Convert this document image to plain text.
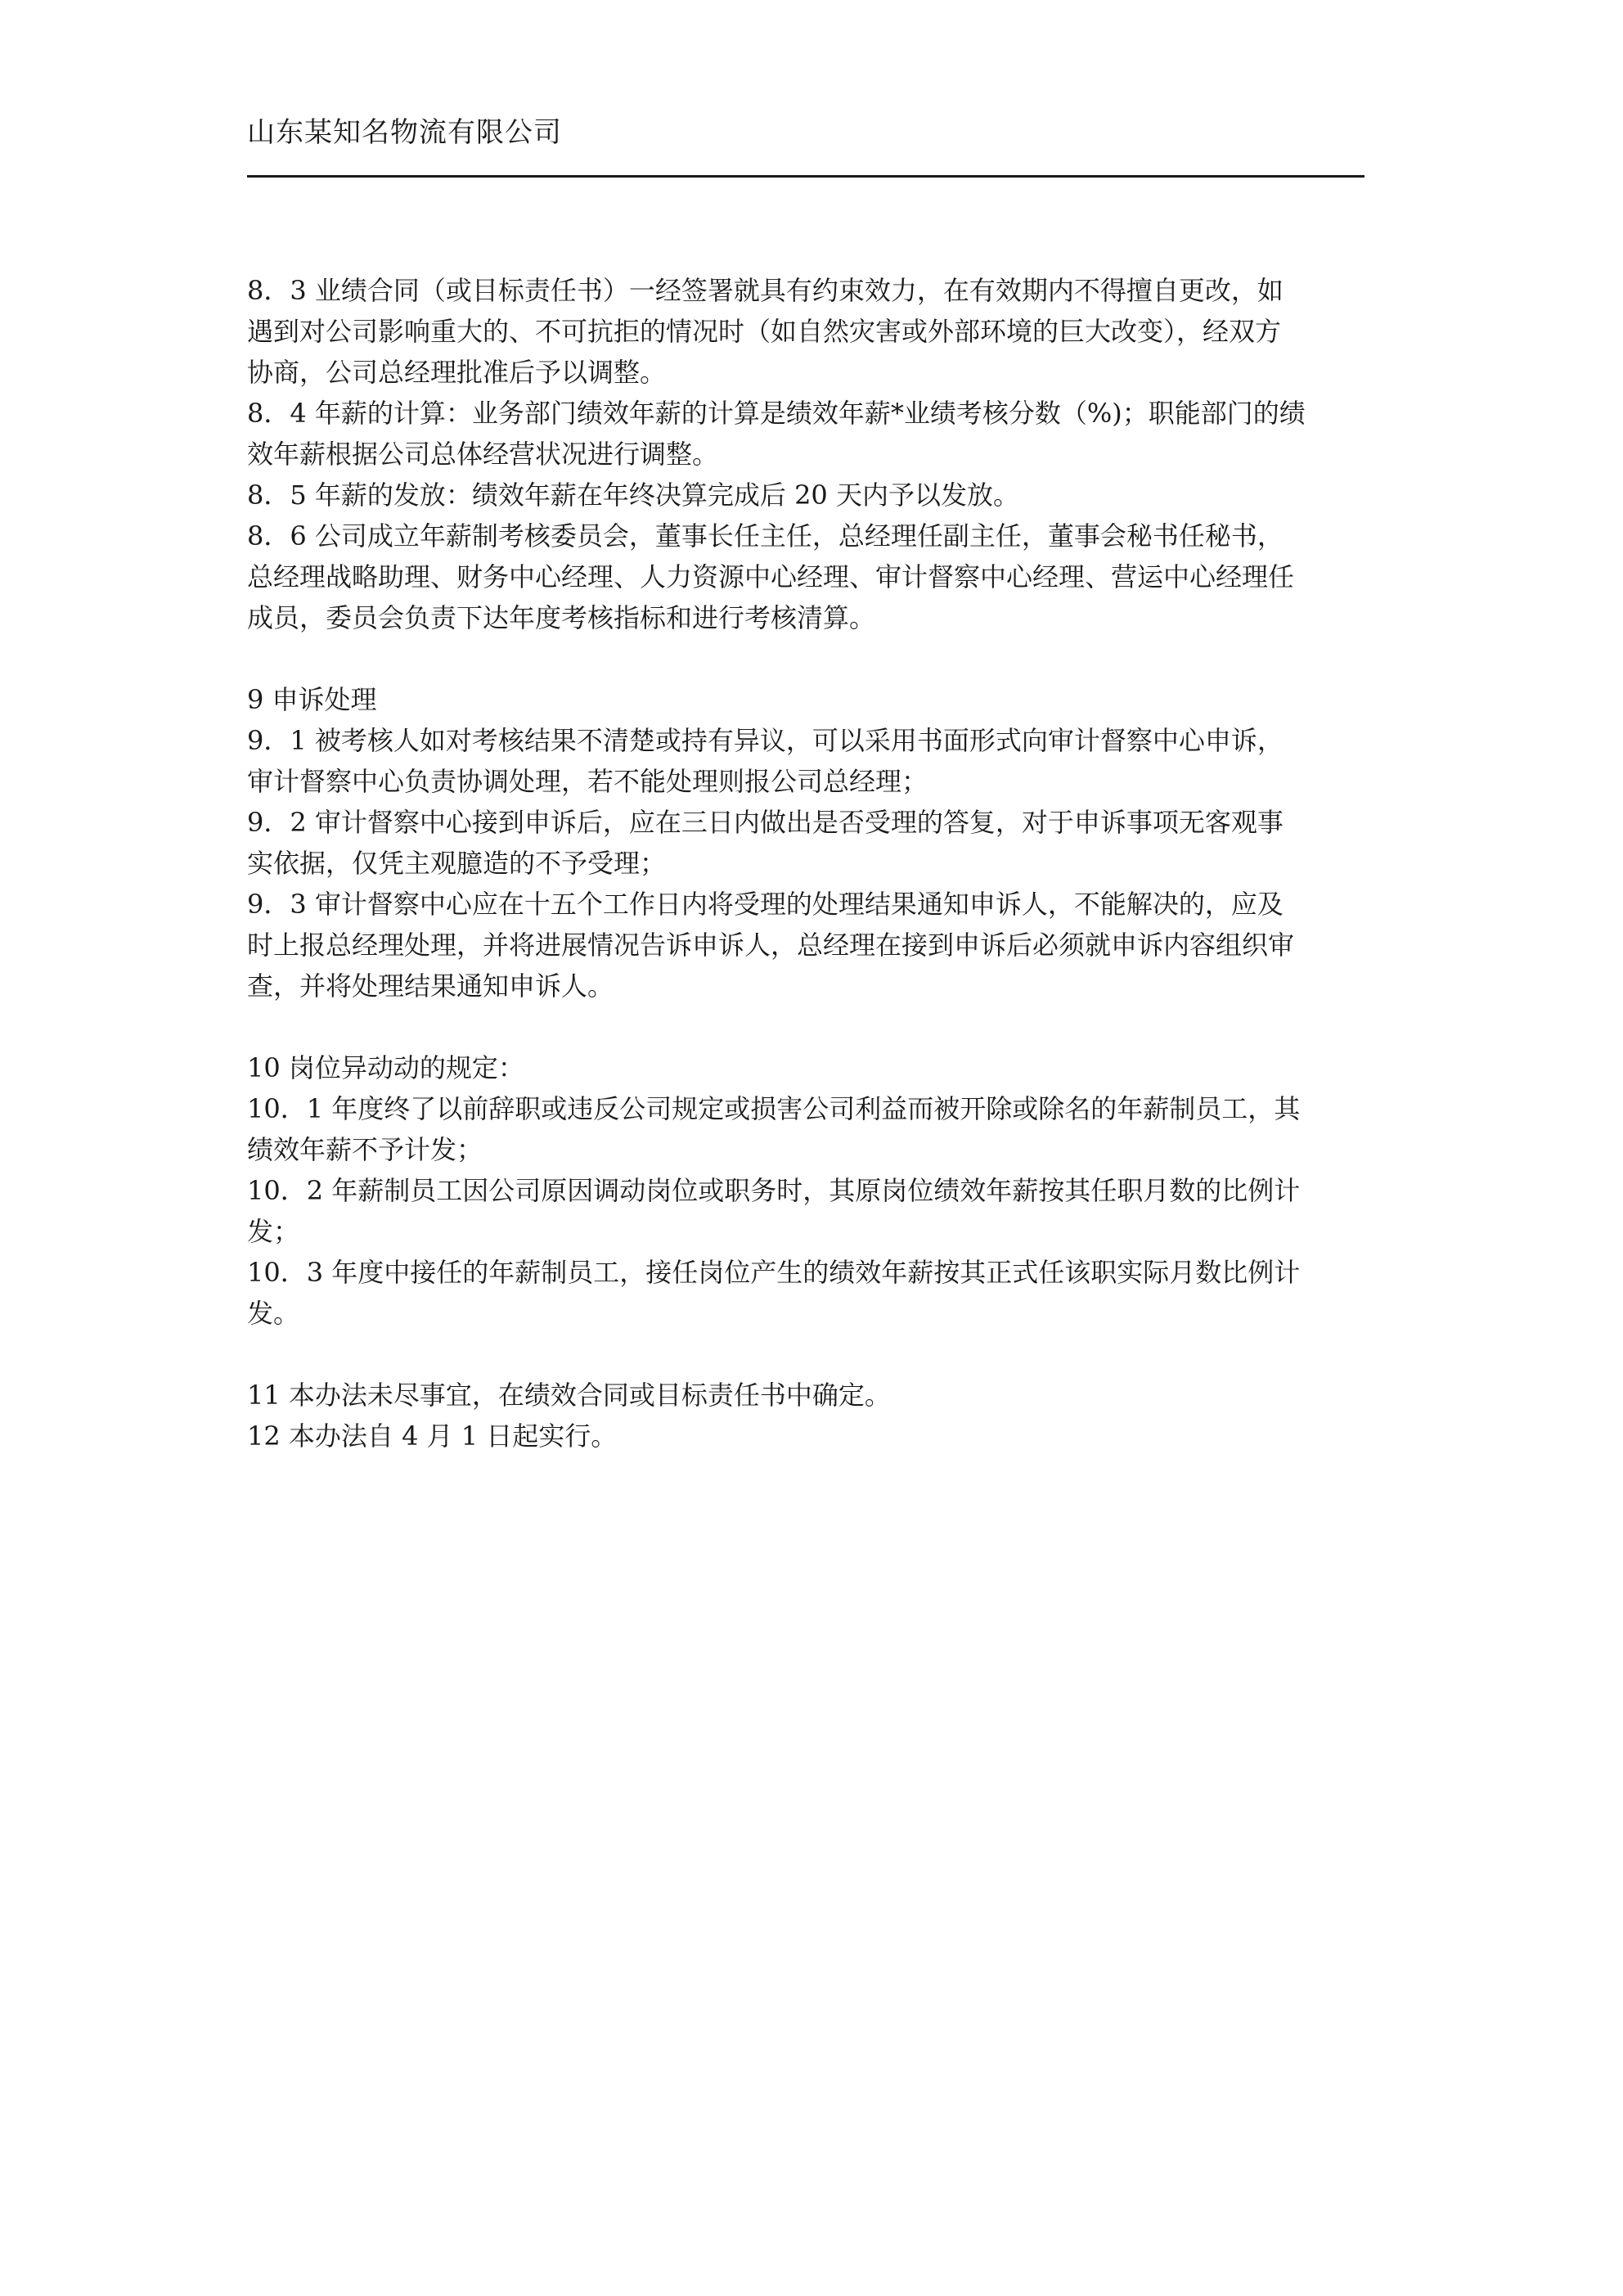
山东某知名物流有限公司
8．3 业绩合同（或目标责任书）一经签署就具有约束效力，在有效期内不得擅自更改，如
遇到对公司影响重大的、不可抗拒的情况时（如自然灾害或外部环境的巨大改变），经双方
协商，公司总经理批准后予以调整。
8．4 年薪的计算：业务部门绩效年薪的计算是绩效年薪*业绩考核分数（%)；职能部门的绩
效年薪根据公司总体经营状况进行调整。
8．5 年薪的发放：绩效年薪在年终决算完成后 20 天内予以发放。
8．6 公司成立年薪制考核委员会，董事长任主任，总经理任副主任，董事会秘书任秘书，
总经理战略助理、财务中心经理、人力资源中心经理、审计督察中心经理、营运中心经理任
成员，委员会负责下达年度考核指标和进行考核清算。
9 申诉处理
9．1 被考核人如对考核结果不清楚或持有异议，可以采用书面形式向审计督察中心申诉，
审计督察中心负责协调处理，若不能处理则报公司总经理；
9．2 审计督察中心接到申诉后，应在三日内做出是否受理的答复，对于申诉事项无客观事
实依据，仅凭主观臆造的不予受理；
9．3 审计督察中心应在十五个工作日内将受理的处理结果通知申诉人，不能解决的，应及
时上报总经理处理，并将进展情况告诉申诉人，总经理在接到申诉后必须就申诉内容组织审
查，并将处理结果通知申诉人。
10 岗位异动动的规定：
10．1 年度终了以前辞职或违反公司规定或损害公司利益而被开除或除名的年薪制员工，其
绩效年薪不予计发；
10．2 年薪制员工因公司原因调动岗位或职务时，其原岗位绩效年薪按其任职月数的比例计
发；
10．3 年度中接任的年薪制员工，接任岗位产生的绩效年薪按其正式任该职实际月数比例计
发。
11 本办法未尽事宜，在绩效合同或目标责任书中确定。
12 本办法自 4 月 1 日起实行。
